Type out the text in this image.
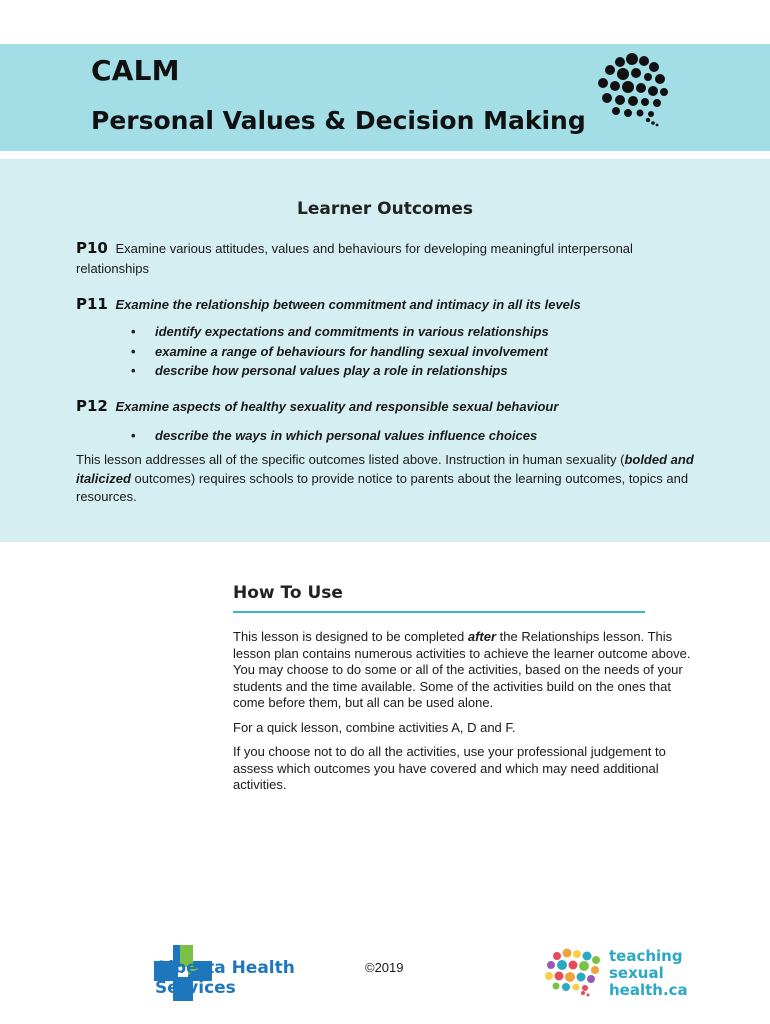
CALM
Personal Values & Decision Making
Learner Outcomes
P10 Examine various attitudes, values and behaviours for developing meaningful interpersonal relationships
P11 Examine the relationship between commitment and intimacy in all its levels
• identify expectations and commitments in various relationships
• examine a range of behaviours for handling sexual involvement
• describe how personal values play a role in relationships
P12 Examine aspects of healthy sexuality and responsible sexual behaviour
• describe the ways in which personal values influence choices
This lesson addresses all of the specific outcomes listed above. Instruction in human sexuality (bolded and italicized outcomes) requires schools to provide notice to parents about the learning outcomes, topics and resources.
How To Use

This lesson is designed to be completed after the Relationships lesson. This lesson plan contains numerous activities to achieve the learner outcome above. You may choose to do some or all of the activities, based on the needs of your students and the time available. Some of the activities build on the ones that come before them, but all can be used alone.

For a quick lesson, combine activities A, D and F.

If you choose not to do all the activities, use your professional judgement to assess which outcomes you have covered and which may need additional activities.

Alberta Health
Services
©2019
teaching
sexual
health.ca
